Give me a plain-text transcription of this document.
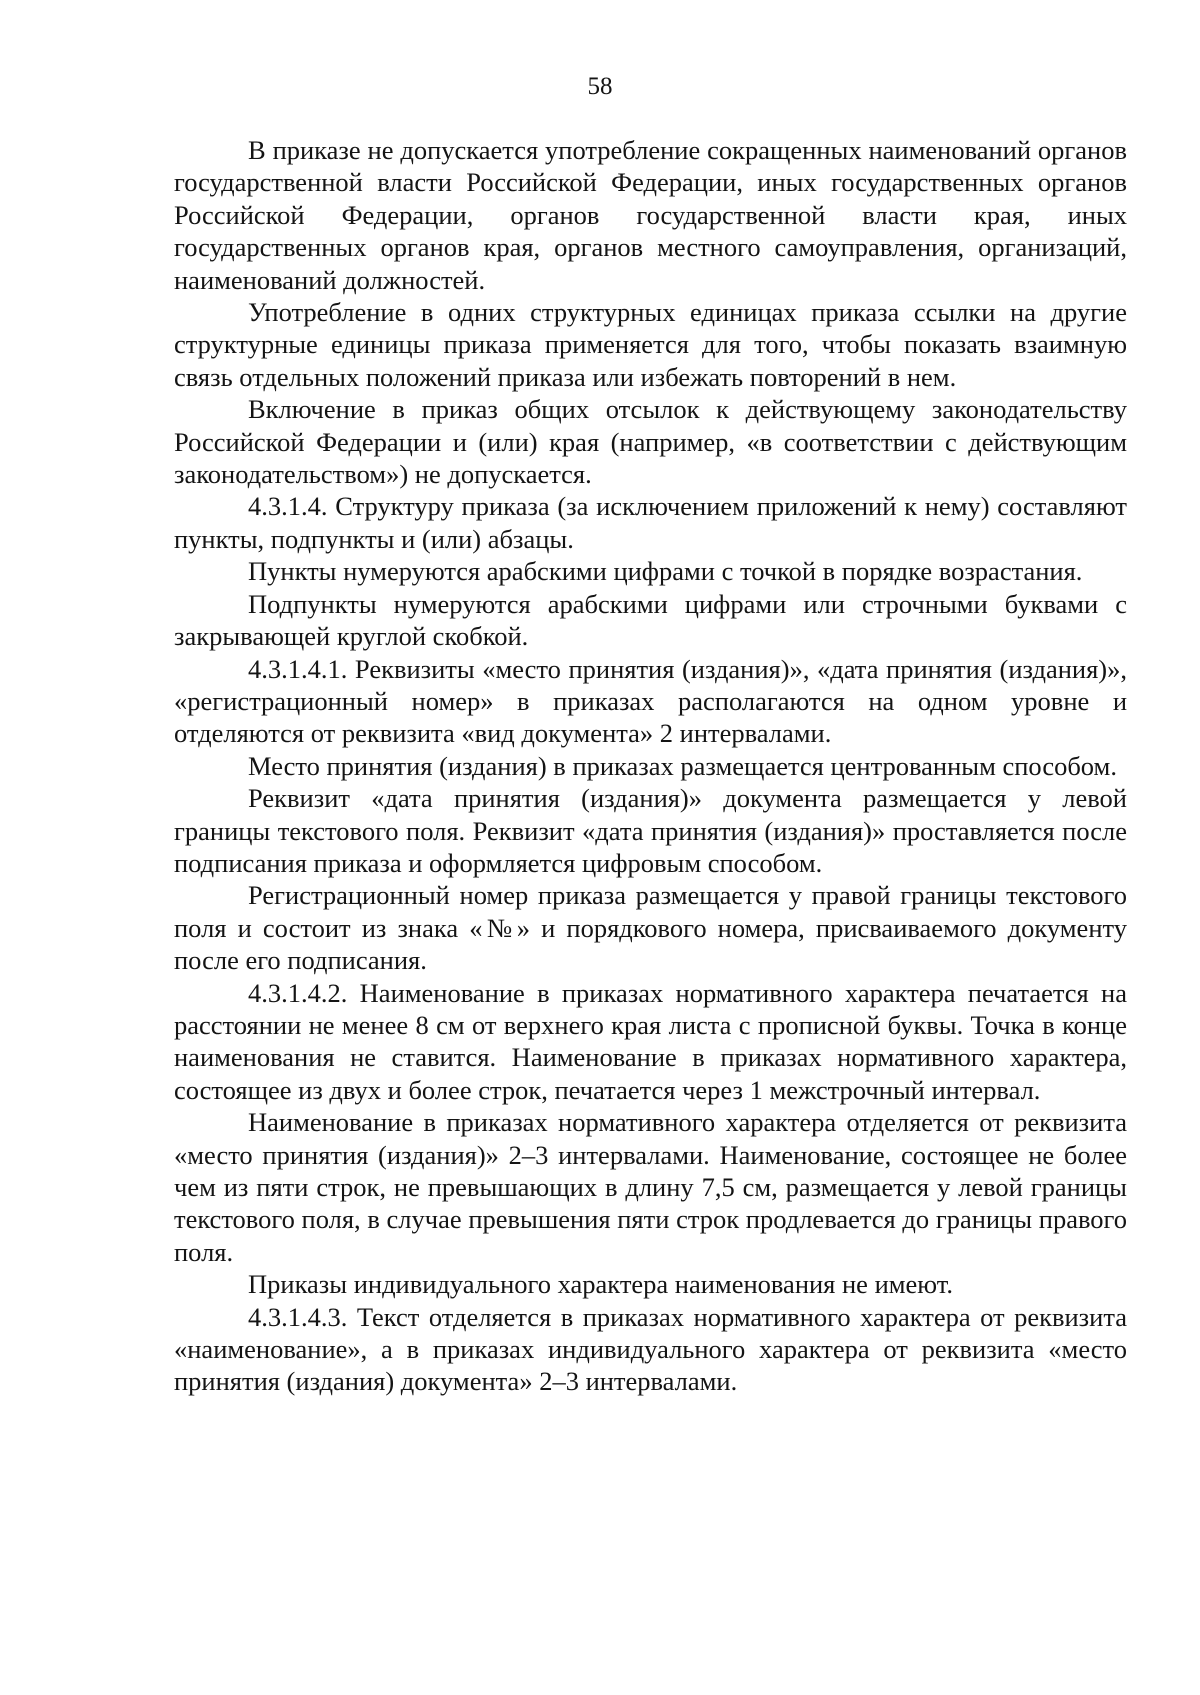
58

В приказе не допускается употребление сокращенных наименований органов государственной власти Российской Федерации, иных государственных органов Российской Федерации, органов государственной власти края, иных государственных органов края, органов местного самоуправления, организаций, наименований должностей.

Употребление в одних структурных единицах приказа ссылки на другие структурные единицы приказа применяется для того, чтобы показать взаимную связь отдельных положений приказа или избежать повторений в нем.

Включение в приказ общих отсылок к действующему законодательству Российской Федерации и (или) края (например, «в соответствии с действующим законодательством») не допускается.

4.3.1.4. Структуру приказа (за исключением приложений к нему) составляют пункты, подпункты и (или) абзацы.

Пункты нумеруются арабскими цифрами с точкой в порядке возрастания.

Подпункты нумеруются арабскими цифрами или строчными буквами с закрывающей круглой скобкой.

4.3.1.4.1. Реквизиты «место принятия (издания)», «дата принятия (издания)», «регистрационный номер» в приказах располагаются на одном уровне и отделяются от реквизита «вид документа» 2 интервалами.

Место принятия (издания) в приказах размещается центрованным способом.

Реквизит «дата принятия (издания)» документа размещается у левой границы текстового поля. Реквизит «дата принятия (издания)» проставляется после подписания приказа и оформляется цифровым способом.

Регистрационный номер приказа размещается у правой границы текстового поля и состоит из знака «№» и порядкового номера, присваиваемого документу после его подписания.

4.3.1.4.2. Наименование в приказах нормативного характера печатается на расстоянии не менее 8 см от верхнего края листа с прописной буквы. Точка в конце наименования не ставится. Наименование в приказах нормативного характера, состоящее из двух и более строк, печатается через 1 межстрочный интервал.

Наименование в приказах нормативного характера отделяется от реквизита «место принятия (издания)» 2–3 интервалами. Наименование, состоящее не более чем из пяти строк, не превышающих в длину 7,5 см, размещается у левой границы текстового поля, в случае превышения пяти строк продлевается до границы правого поля.

Приказы индивидуального характера наименования не имеют.

4.3.1.4.3. Текст отделяется в приказах нормативного характера от реквизита «наименование», а в приказах индивидуального характера от реквизита «место принятия (издания) документа» 2–3 интервалами.
